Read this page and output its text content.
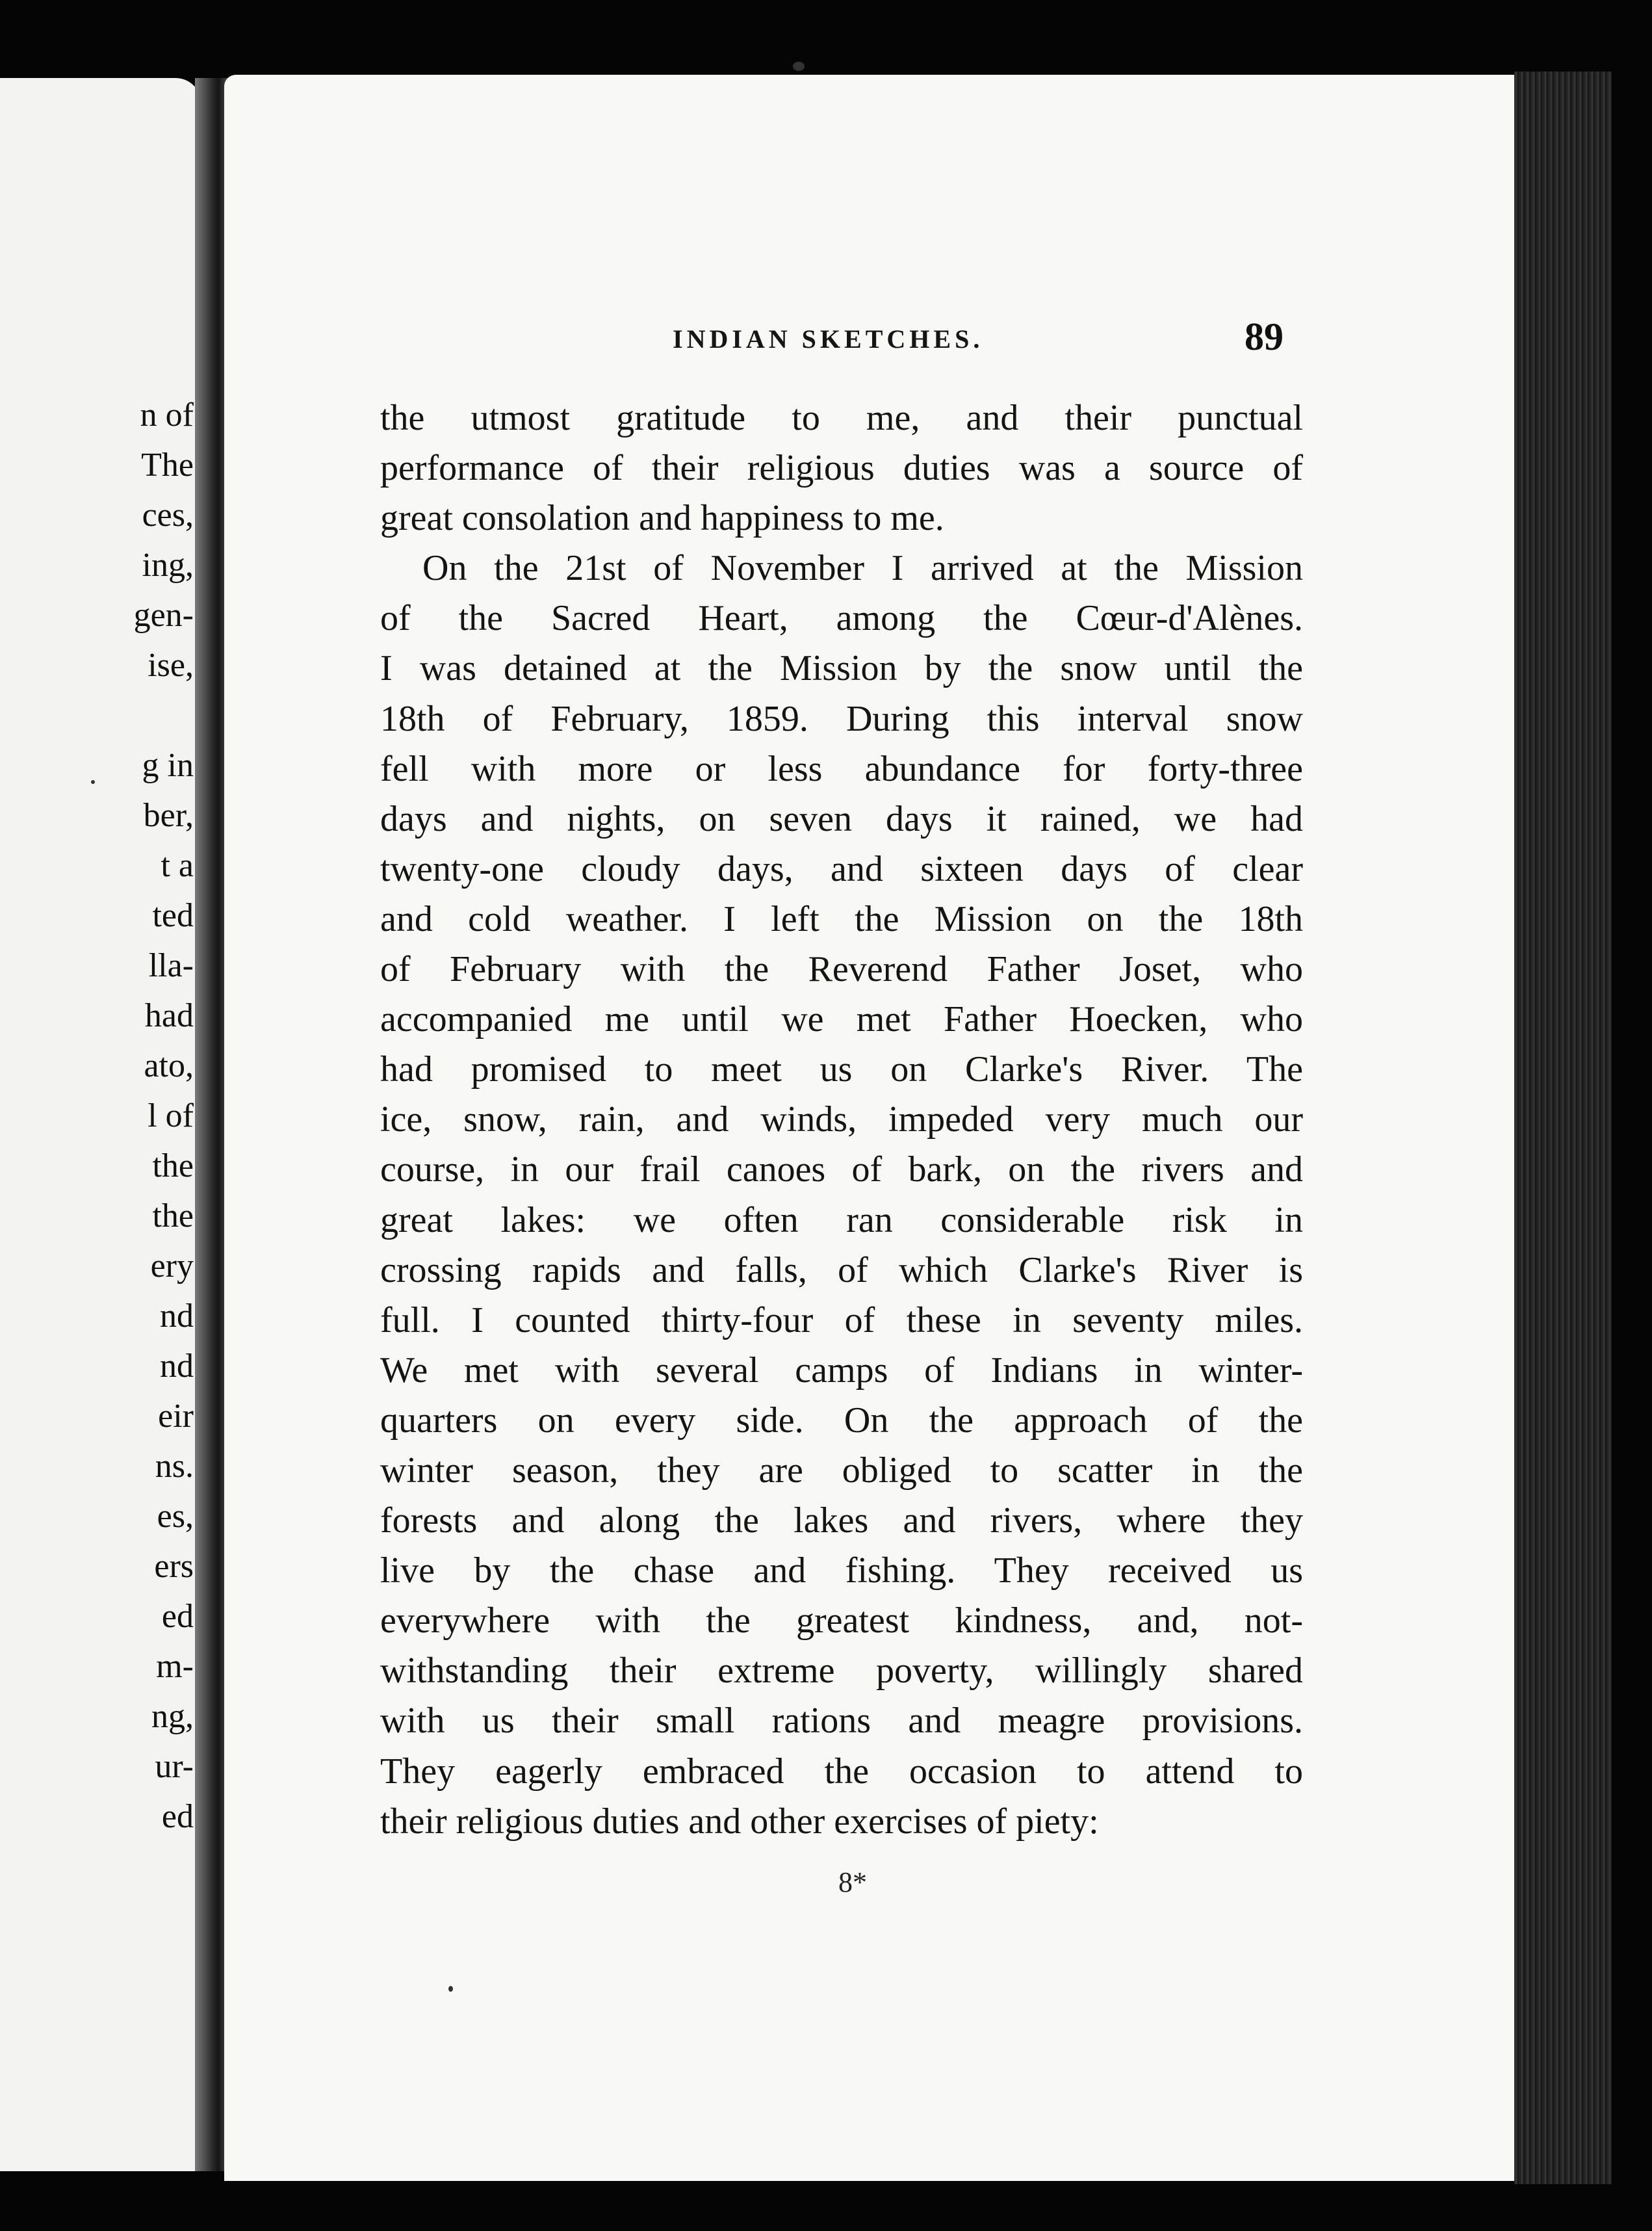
n of
The
ces,
ing,
gen-
ise,

g in
ber,
t a
ted
lla-
had
ato,
l of
the
the
ery
nd
nd
eir
ns.
es,
ers
ed
m-
ng,
ur-
ed
INDIAN SKETCHES.	89
the utmost gratitude to me, and their punctual
performance of their religious duties was a source of
great consolation and happiness to me.
On the 21st of November I arrived at the Mission
of the Sacred Heart, among the Cœur-d'Alènes.
I was detained at the Mission by the snow until the
18th of February, 1859. During this interval snow
fell with more or less abundance for forty-three
days and nights, on seven days it rained, we had
twenty-one cloudy days, and sixteen days of clear
and cold weather. I left the Mission on the 18th
of February with the Reverend Father Joset, who
accompanied me until we met Father Hoecken, who
had promised to meet us on Clarke's River. The
ice, snow, rain, and winds, impeded very much our
course, in our frail canoes of bark, on the rivers and
great lakes: we often ran considerable risk in
crossing rapids and falls, of which Clarke's River is
full. I counted thirty-four of these in seventy miles.
We met with several camps of Indians in winter-
quarters on every side. On the approach of the
winter season, they are obliged to scatter in the
forests and along the lakes and rivers, where they
live by the chase and fishing. They received us
everywhere with the greatest kindness, and, not-
withstanding their extreme poverty, willingly shared
with us their small rations and meagre provisions.
They eagerly embraced the occasion to attend to
their religious duties and other exercises of piety:
8*
